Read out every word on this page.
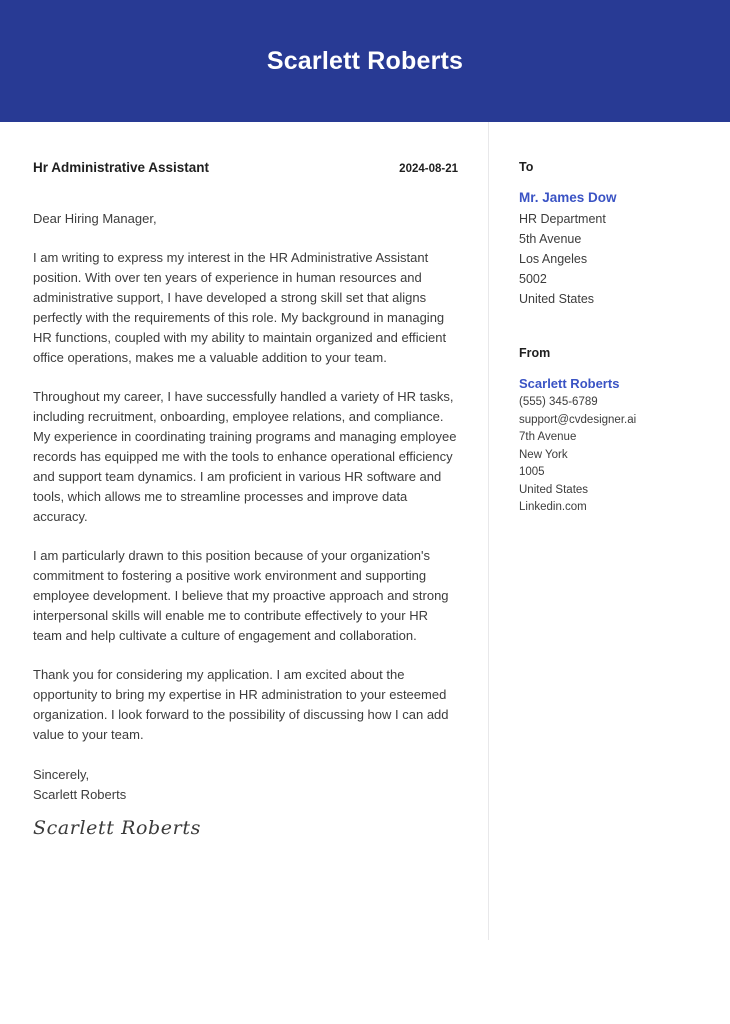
Scarlett Roberts
Hr Administrative Assistant	2024-08-21
Dear Hiring Manager,

I am writing to express my interest in the HR Administrative Assistant position. With over ten years of experience in human resources and administrative support, I have developed a strong skill set that aligns perfectly with the requirements of this role. My background in managing HR functions, coupled with my ability to maintain organized and efficient office operations, makes me a valuable addition to your team.

Throughout my career, I have successfully handled a variety of HR tasks, including recruitment, onboarding, employee relations, and compliance. My experience in coordinating training programs and managing employee records has equipped me with the tools to enhance operational efficiency and support team dynamics. I am proficient in various HR software and tools, which allows me to streamline processes and improve data accuracy.

I am particularly drawn to this position because of your organization's commitment to fostering a positive work environment and supporting employee development. I believe that my proactive approach and strong interpersonal skills will enable me to contribute effectively to your HR team and help cultivate a culture of engagement and collaboration.

Thank you for considering my application. I am excited about the opportunity to bring my expertise in HR administration to your esteemed organization. I look forward to the possibility of discussing how I can add value to your team.

Sincerely,
Scarlett Roberts
Scarlett Roberts
To
Mr. James Dow
HR Department
5th Avenue
Los Angeles
5002
United States
From
Scarlett Roberts
(555) 345-6789
support@cvdesigner.ai
7th Avenue
New York
1005
United States
Linkedin.com
